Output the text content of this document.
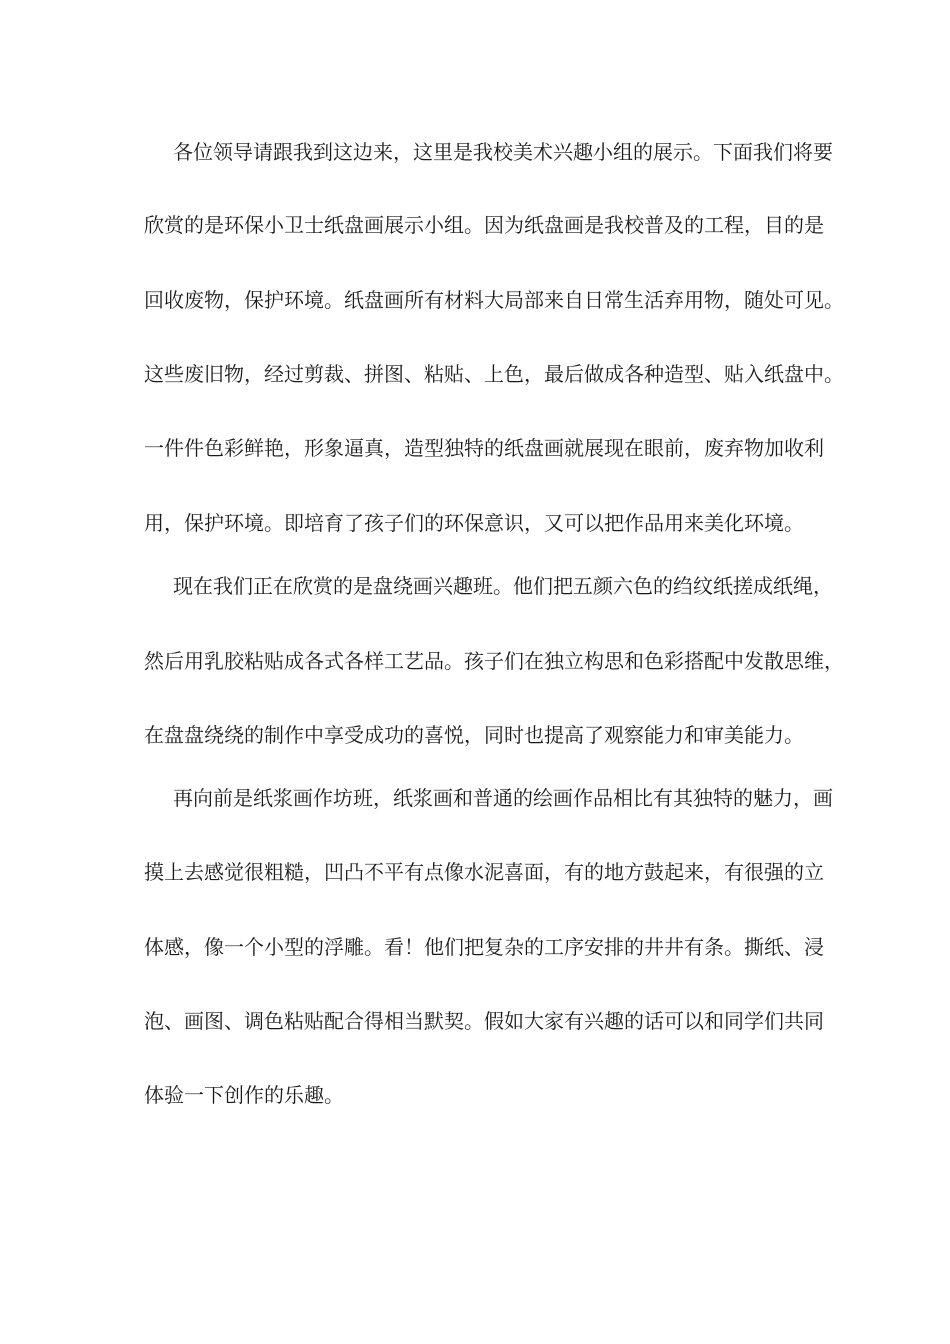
各位领导请跟我到这边来，这里是我校美术兴趣小组的展示。下面我们将要
欣赏的是环保小卫士纸盘画展示小组。因为纸盘画是我校普及的工程，目的是
回收废物，保护环境。纸盘画所有材料大局部来自日常生活弃用物，随处可见。
这些废旧物，经过剪裁、拼图、粘贴、上色，最后做成各种造型、贴入纸盘中。
一件件色彩鲜艳，形象逼真，造型独特的纸盘画就展现在眼前，废弃物加收利
用，保护环境。即培育了孩子们的环保意识，又可以把作品用来美化环境。
现在我们正在欣赏的是盘绕画兴趣班。他们把五颜六色的绉纹纸搓成纸绳，
然后用乳胶粘贴成各式各样工艺品。孩子们在独立构思和色彩搭配中发散思维，
在盘盘绕绕的制作中享受成功的喜悦，同时也提高了观察能力和审美能力。
再向前是纸浆画作坊班，纸浆画和普通的绘画作品相比有其独特的魅力，画
摸上去感觉很粗糙，凹凸不平有点像水泥喜面，有的地方鼓起来，有很强的立
体感，像一个小型的浮雕。看！他们把复杂的工序安排的井井有条。撕纸、浸
泡、画图、调色粘贴配合得相当默契。假如大家有兴趣的话可以和同学们共同
体验一下创作的乐趣。
